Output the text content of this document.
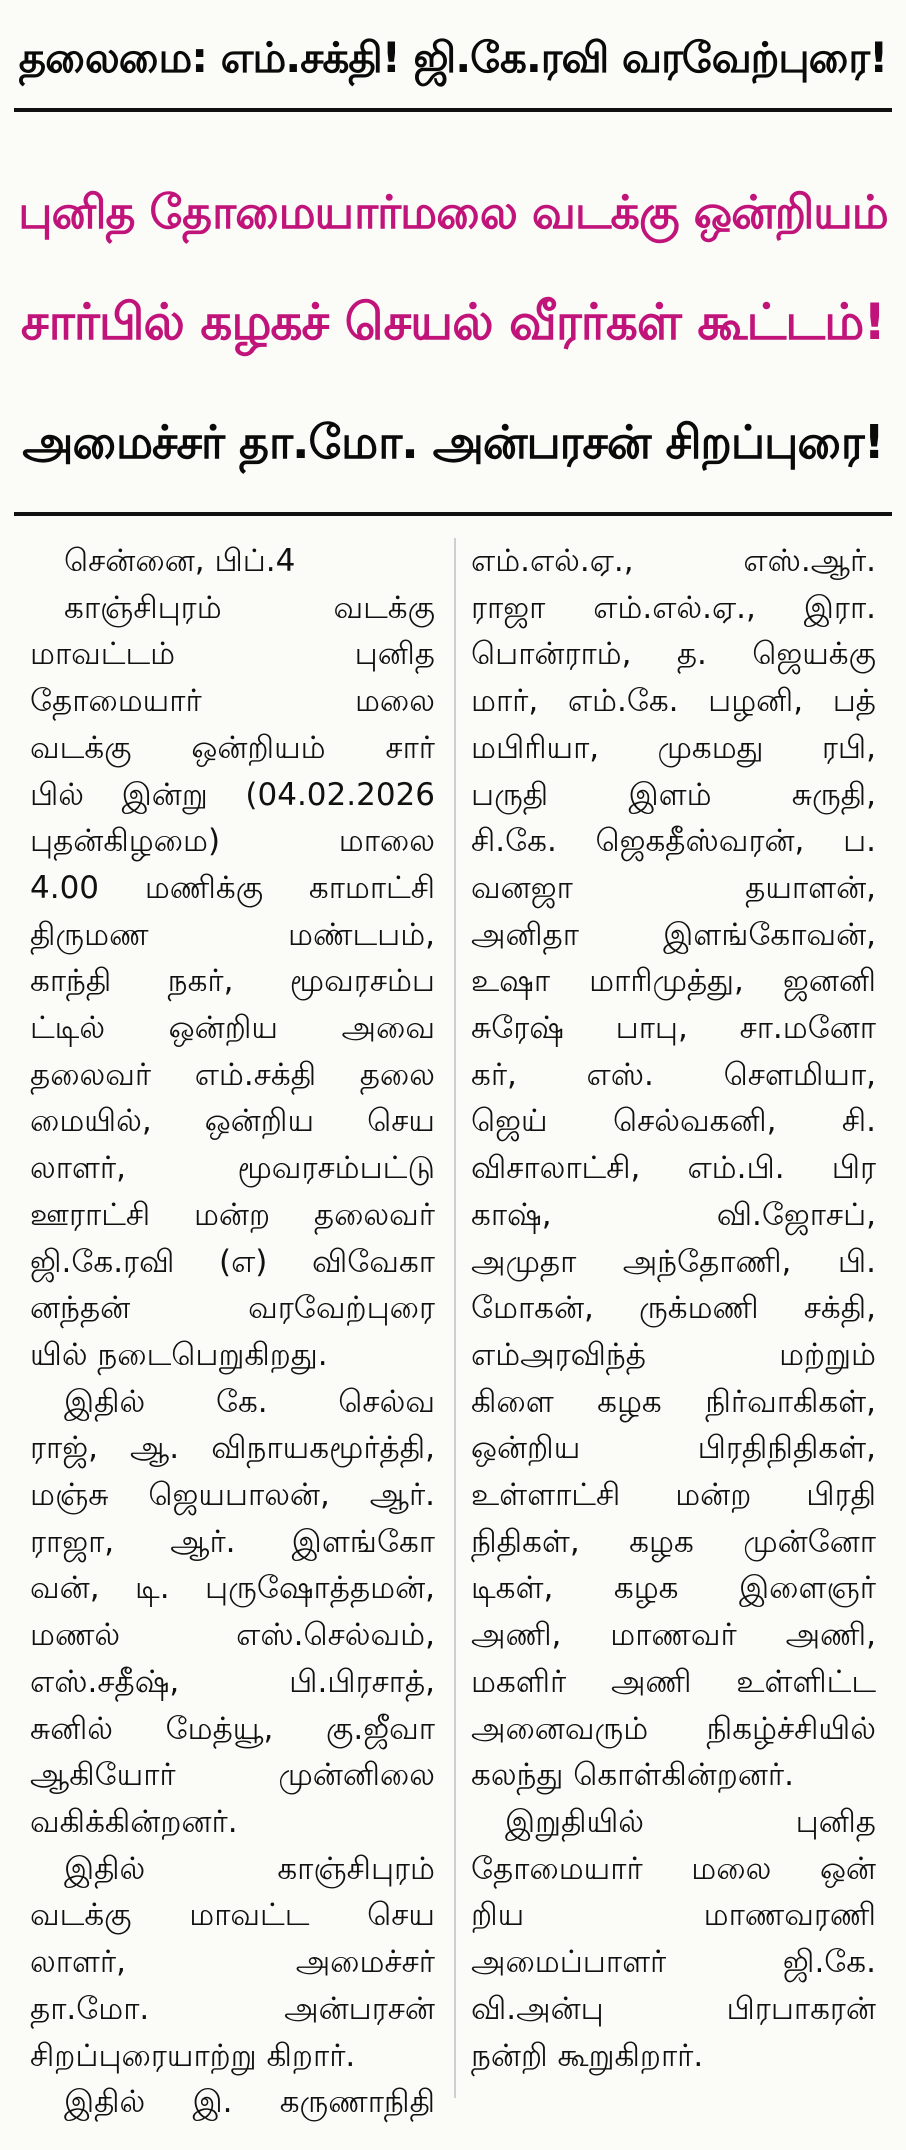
தலைமை: எம்.சக்தி! ஜி.கே.ரவி வரவேற்புரை!
புனித தோமையார்மலை வடக்கு ஒன்றியம்
சார்பில் கழகச் செயல் வீரர்கள் கூட்டம்!
அமைச்சர் தா.மோ. அன்பரசன் சிறப்புரை!
சென்னை, பிப்.4
காஞ்சிபுரம் வடக்கு
மாவட்டம் புனித
தோமையார் மலை
வடக்கு ஒன்றியம் சார்
பில் இன்று (04.02.2026
புதன்கிழமை) மாலை
4.00 மணிக்கு காமாட்சி
திருமண மண்டபம்,
காந்தி நகர், மூவரசம்ப
ட்டில் ஒன்றிய அவை
தலைவர் எம்.சக்தி தலை
மையில், ஒன்றிய செய
லாளர், மூவரசம்பட்டு
ஊராட்சி மன்ற தலைவர்
ஜி.கே.ரவி (எ) விவேகா
னந்தன் வரவேற்புரை
யில் நடைபெறுகிறது.
இதில் கே. செல்வ
ராஜ், ஆ. விநாயகமூர்த்தி,
மஞ்சு ஜெயபாலன், ஆர்.
ராஜா, ஆர். இளங்கோ
வன், டி. புருஷோத்தமன்,
மணல் எஸ்.செல்வம்,
எஸ்.சதீஷ், பி.பிரசாத்,
சுனில் மேத்யூ, கு.ஜீவா
ஆகியோர் முன்னிலை
வகிக்கின்றனர்.
இதில் காஞ்சிபுரம்
வடக்கு மாவட்ட செய
லாளர், அமைச்சர்
தா.மோ. அன்பரசன்
சிறப்புரையாற்று கிறார்.
இதில் இ. கருணாநிதி
எம்.எல்.ஏ., எஸ்.ஆர்.
ராஜா எம்.எல்.ஏ., இரா.
பொன்ராம், த. ஜெயக்கு
மார், எம்.கே. பழனி, பத்
மபிரியா, முகமது ரபி,
பருதி இளம் சுருதி,
சி.கே. ஜெகதீஸ்வரன், ப.
வனஜா தயாளன்,
அனிதா இளங்கோவன்,
உஷா மாரிமுத்து, ஜனனி
சுரேஷ் பாபு, சா.மனோ
கர், எஸ். சௌமியா,
ஜெய் செல்வகனி, சி.
விசாலாட்சி, எம்.பி. பிர
காஷ், வி.ஜோசப்,
அமுதா அந்தோணி, பி.
மோகன், ருக்மணி சக்தி,
எம்அரவிந்த் மற்றும்
கிளை கழக நிர்வாகிகள்,
ஒன்றிய பிரதிநிதிகள்,
உள்ளாட்சி மன்ற பிரதி
நிதிகள், கழக முன்னோ
டிகள், கழக இளைஞர்
அணி, மாணவர் அணி,
மகளிர் அணி உள்ளிட்ட
அனைவரும் நிகழ்ச்சியில்
கலந்து கொள்கின்றனர்.
இறுதியில் புனித
தோமையார் மலை ஒன்
றிய மாணவரணி
அமைப்பாளர் ஜி.கே.
வி.அன்பு பிரபாகரன்
நன்றி கூறுகிறார்.
